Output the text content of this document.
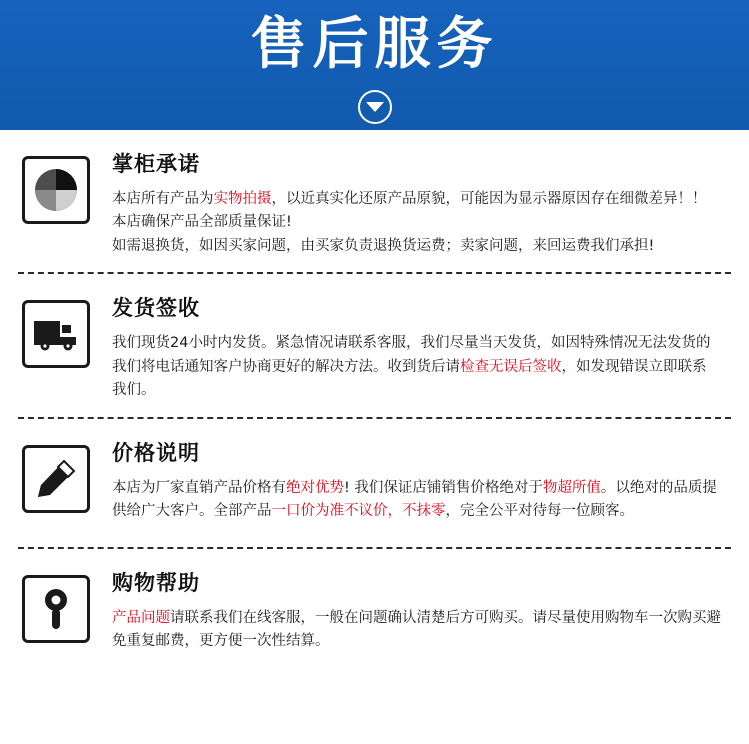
售后服务
掌柜承诺

本店所有产品为实物拍摄，以近真实化还原产品原貌，可能因为显示器原因存在细微差异！！

本店确保产品全部质量保证!

如需退换货，如因买家问题，由买家负责退换货运费；卖家问题，来回运费我们承担!

发货签收

我们现货24小时内发货。紧急情况请联系客服，我们尽量当天发货，如因特殊情况无法发货的

我们将电话通知客户协商更好的解决方法。收到货后请检查无误后签收，如发现错误立即联系

我们。

价格说明

本店为厂家直销产品价格有绝对优势! 我们保证店铺销售价格绝对于物超所值。以绝对的品质提

供给广大客户。全部产品一口价为准不议价，不抹零，完全公平对待每一位顾客。

购物帮助

产品问题请联系我们在线客服，一般在问题确认清楚后方可购买。请尽量使用购物车一次购买避

免重复邮费，更方便一次性结算。
